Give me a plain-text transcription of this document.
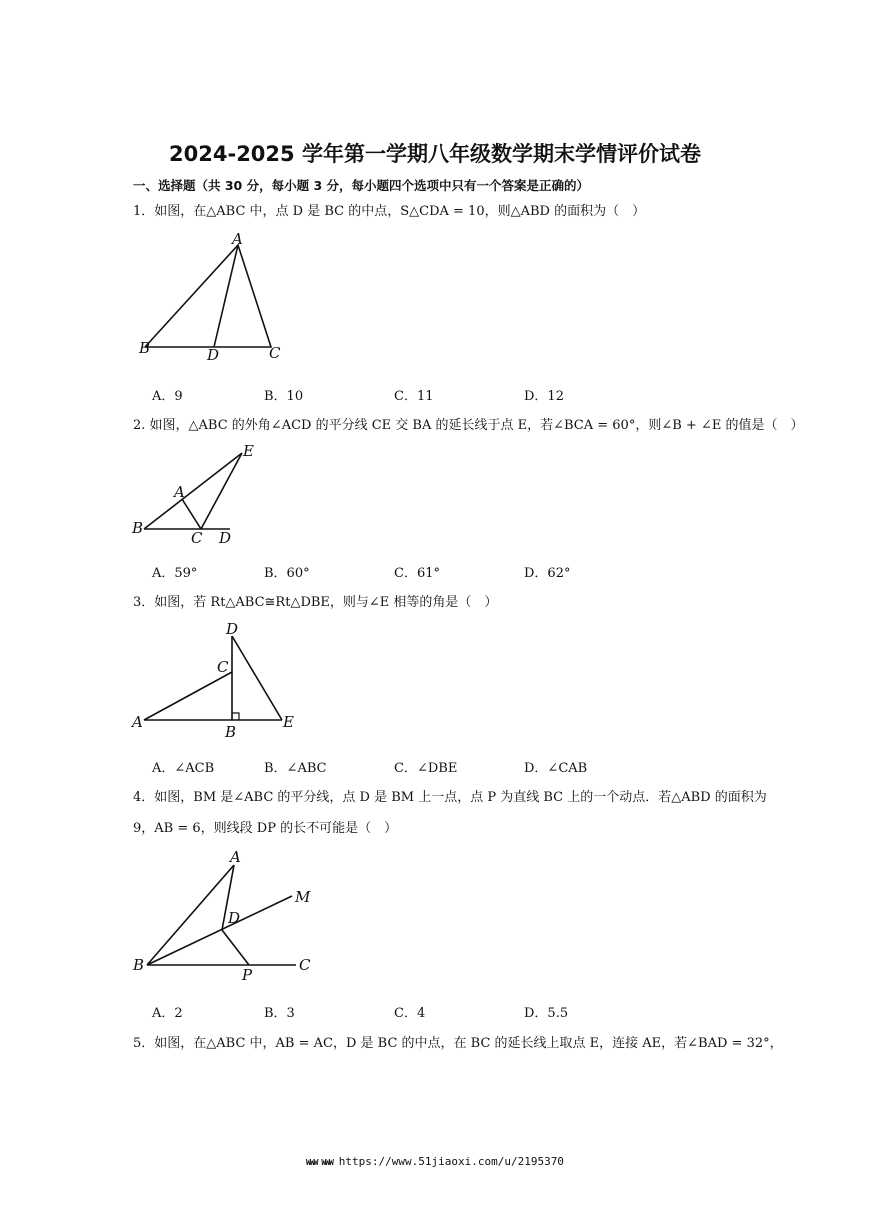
2024-2025 学年第一学期八年级数学期末学情评价试卷
一、选择题（共 30 分，每小题 3 分，每小题四个选项中只有一个答案是正确的）
1．如图，在△ABC 中，点 D 是 BC 的中点，S△CDA = 10，则△ABD 的面积为（　）
A
B	D	C
A．9	B．10	C．11	D．12
2. 如图，△ABC 的外角∠ACD 的平分线 CE 交 BA 的延长线于点 E，若∠BCA = 60°，则∠B + ∠E 的值是（　）
E
A
B
C D
A．59°	B．60°	C．61°	D．62°
3．如图，若 Rt△ABC≅Rt△DBE，则与∠E 相等的角是（　）
D
C
A
B
E
A．∠ACB	B．∠ABC	C．∠DBE	D．∠CAB
4．如图，BM 是∠ABC 的平分线，点 D 是 BM 上一点，点 P 为直线 BC 上的一个动点．若△ABD 的面积为
9，AB = 6，则线段 DP 的长不可能是（　）
A
M
D
B
P
C
A．2	B．3	C．4	D．5.5
5．如图，在△ABC 中，AB = AC，D 是 BC 的中点，在 BC 的延长线上取点 E，连接 AE，若∠BAD = 32°，
WWW WWW https://www.51jiaoxi.com/u/2195370
